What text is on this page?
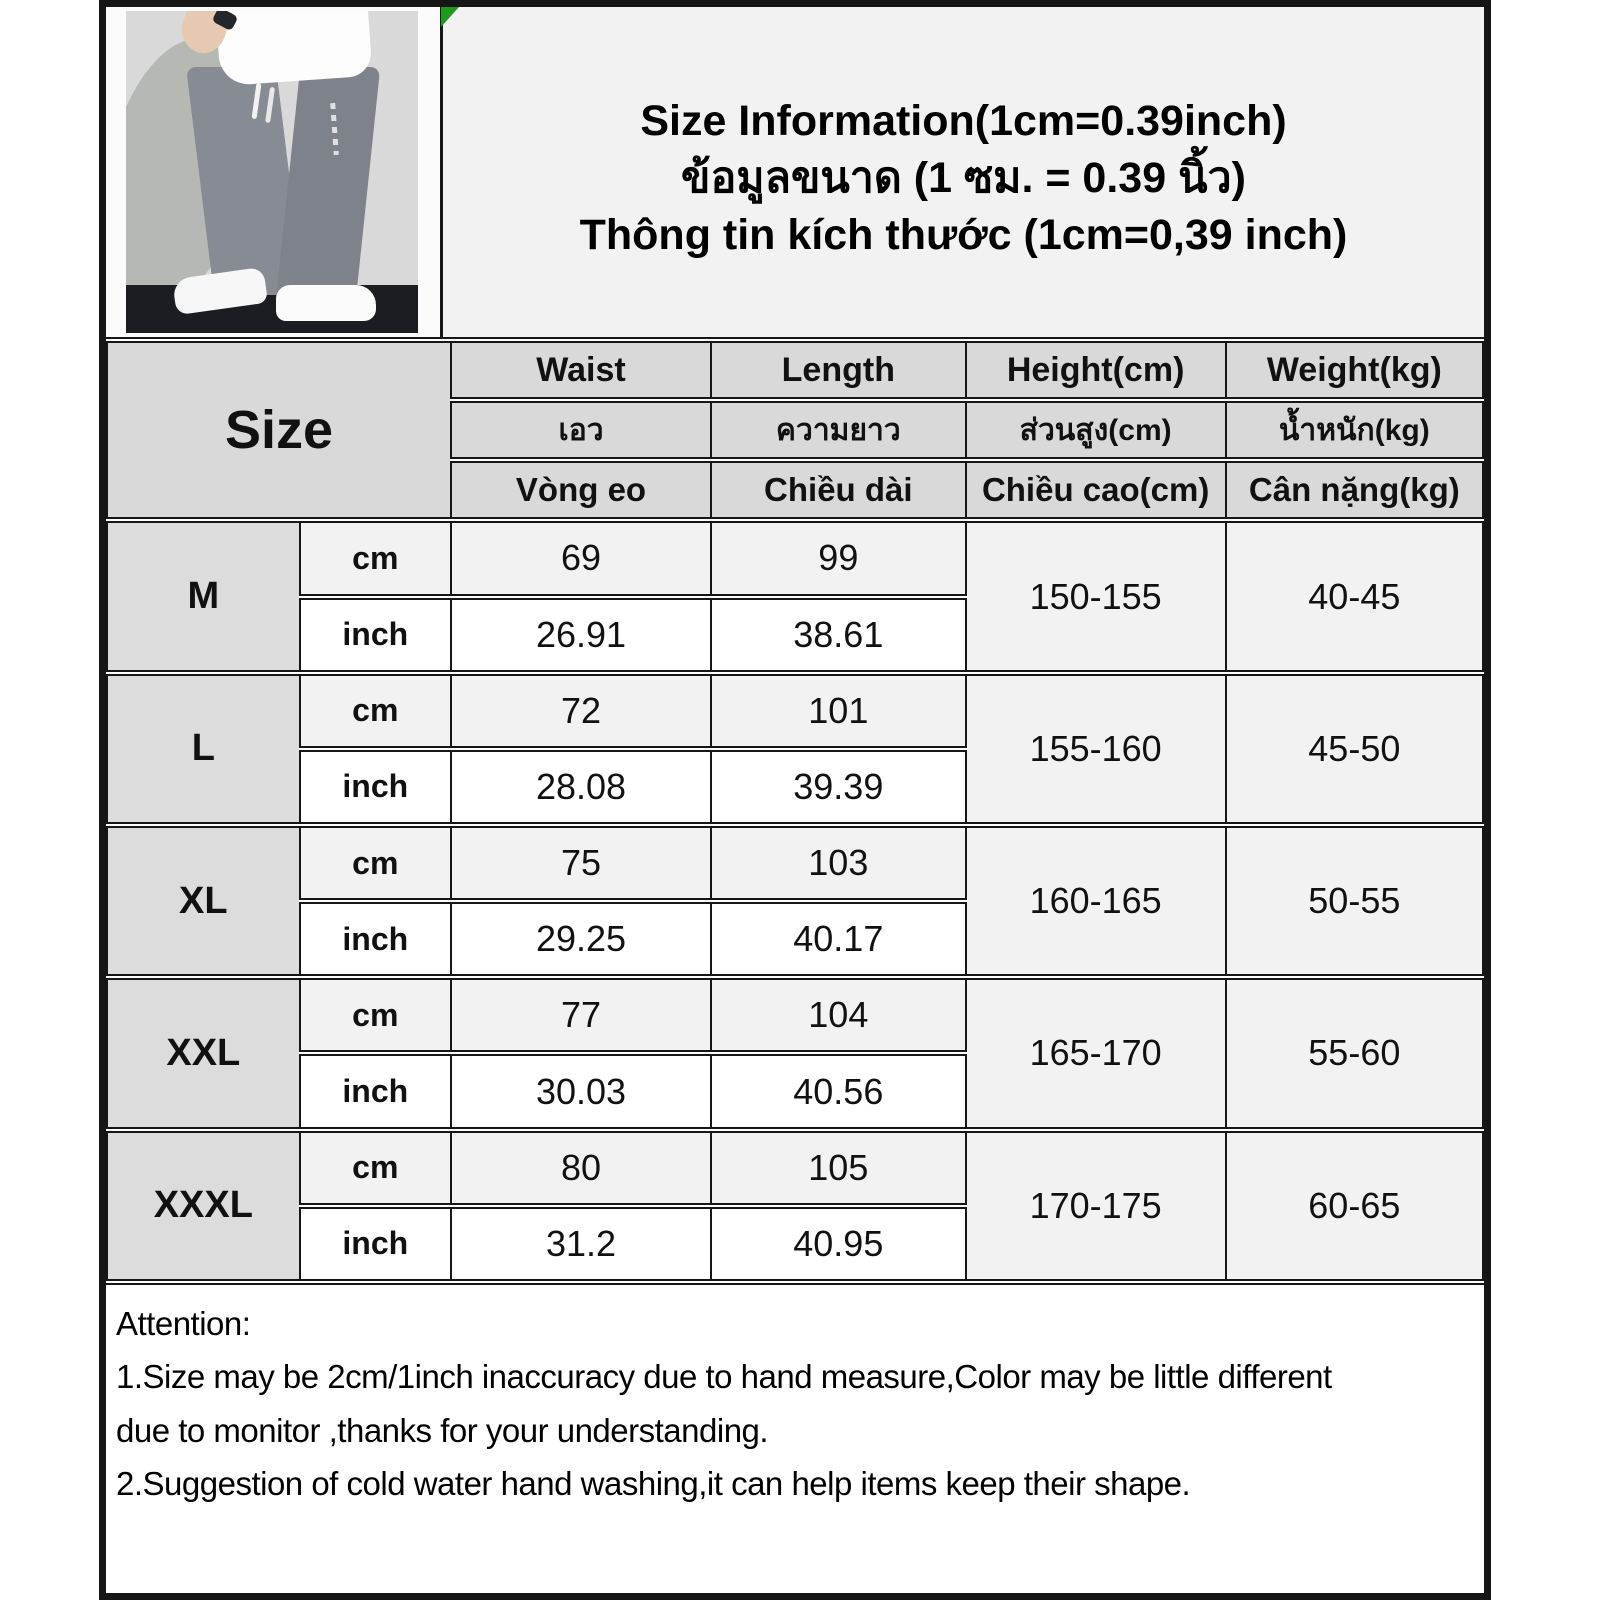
Size Information(1cm=0.39inch)
ข้อมูลขนาด (1 ซม. = 0.39 นิ้ว)
Thông tin kích thước (1cm=0,39 inch)
Size		Waist	Length	Height(cm)	Weight(kg)
		เอว	ความยาว	ส่วนสูง(cm)	น้ำหนัก(kg)
		Vòng eo	Chiều dài	Chiều cao(cm)	Cân nặng(kg)
M	cm	69	99	150-155	40-45
	inch	26.91	38.61		
L	cm	72	101	155-160	45-50
	inch	28.08	39.39		
XL	cm	75	103	160-165	50-55
	inch	29.25	40.17		
XXL	cm	77	104	165-170	55-60
	inch	30.03	40.56		
XXXL	cm	80	105	170-175	60-65
	inch	31.2	40.95		
Attention:
1.Size may be 2cm/1inch inaccuracy due to hand measure,Color may be little different
due to monitor ,thanks for your understanding.
2.Suggestion of cold water hand washing,it can help items keep their shape.
